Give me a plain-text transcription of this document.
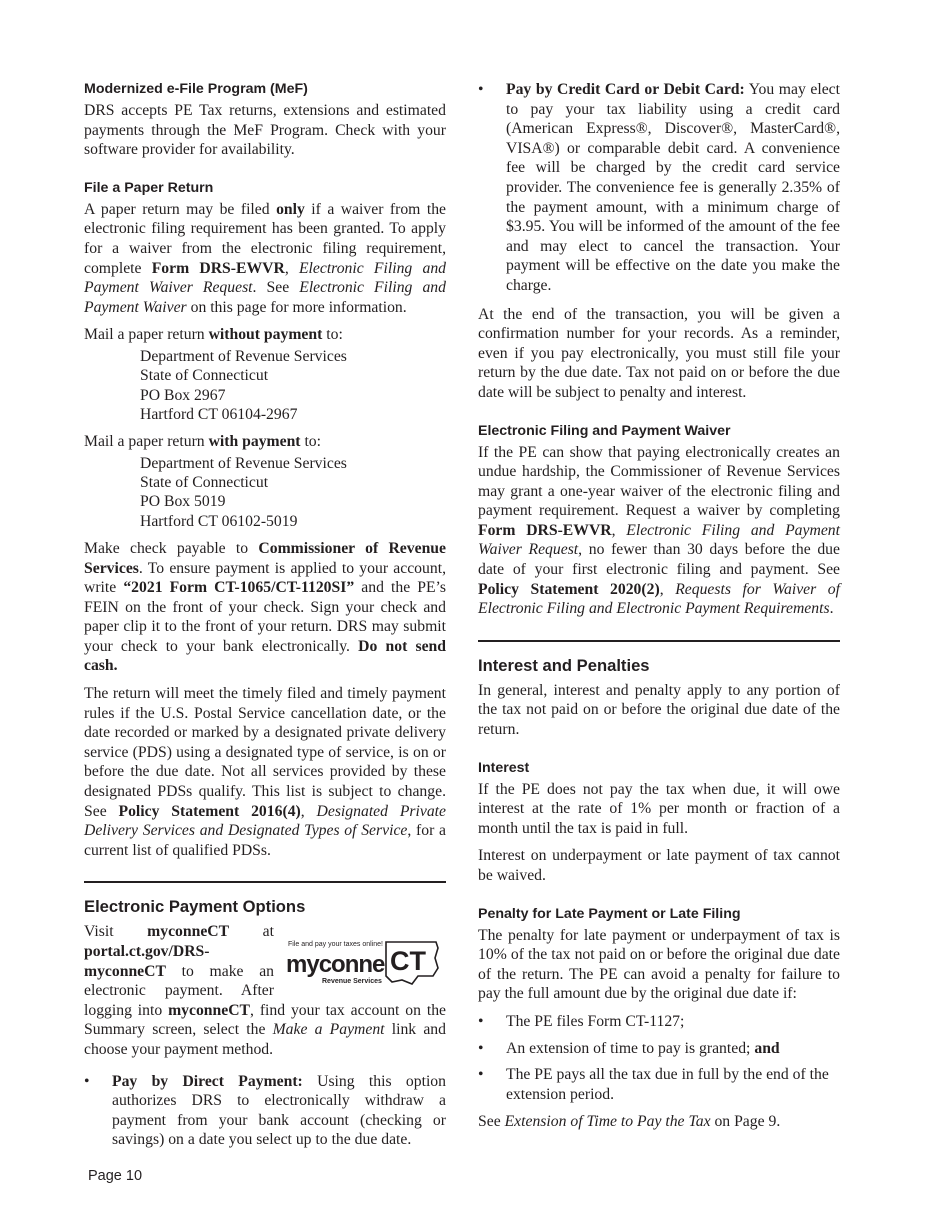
Modernized e-File Program (MeF)

DRS accepts PE Tax returns, extensions and estimated payments through the MeF Program. Check with your software provider for availability.

File a Paper Return

A paper return may be filed only if a waiver from the electronic filing requirement has been granted. To apply for a waiver from the electronic filing requirement, complete Form DRS-EWVR, Electronic Filing and Payment Waiver Request. See Electronic Filing and Payment Waiver on this page for more information.

Mail a paper return without payment to:

Department of Revenue Services
State of Connecticut
PO Box 2967
Hartford CT 06104-2967

Mail a paper return with payment to:

Department of Revenue Services
State of Connecticut
PO Box 5019
Hartford CT 06102-5019

Make check payable to Commissioner of Revenue Services. To ensure payment is applied to your account, write “2021 Form CT-1065/CT-1120SI” and the PE’s FEIN on the front of your check. Sign your check and paper clip it to the front of your return. DRS may submit your check to your bank electronically. Do not send cash.

The return will meet the timely filed and timely payment rules if the U.S. Postal Service cancellation date, or the date recorded or marked by a designated private delivery service (PDS) using a designated type of service, is on or before the due date. Not all services provided by these designated PDSs qualify. This list is subject to change. See Policy Statement 2016(4), Designated Private Delivery Services and Designated Types of Service, for a current list of qualified PDSs.

Electronic Payment Options

File and pay your taxes online!
myconne CT
Revenue Services
Visit myconneCT at portal.ct.gov/DRS-myconneCT to make an electronic payment. After logging into myconneCT, find your tax account on the Summary screen, select the Make a Payment link and choose your payment method.

• Pay by Direct Payment: Using this option authorizes DRS to electronically withdraw a payment from your bank account (checking or savings) on a date you select up to the due date.
• Pay by Credit Card or Debit Card: You may elect to pay your tax liability using a credit card (American Express®, Discover®, MasterCard®, VISA®) or comparable debit card. A convenience fee will be charged by the credit card service provider. The convenience fee is generally 2.35% of the payment amount, with a minimum charge of $3.95. You will be informed of the amount of the fee and may elect to cancel the transaction. Your payment will be effective on the date you make the charge.

At the end of the transaction, you will be given a confirmation number for your records. As a reminder, even if you pay electronically, you must still file your return by the due date. Tax not paid on or before the due date will be subject to penalty and interest.

Electronic Filing and Payment Waiver

If the PE can show that paying electronically creates an undue hardship, the Commissioner of Revenue Services may grant a one-year waiver of the electronic filing and payment requirement. Request a waiver by completing Form DRS-EWVR, Electronic Filing and Payment Waiver Request, no fewer than 30 days before the due date of your first electronic filing and payment. See Policy Statement 2020(2), Requests for Waiver of Electronic Filing and Electronic Payment Requirements.

Interest and Penalties

In general, interest and penalty apply to any portion of the tax not paid on or before the original due date of the return.

Interest

If the PE does not pay the tax when due, it will owe interest at the rate of 1% per month or fraction of a month until the tax is paid in full.

Interest on underpayment or late payment of tax cannot be waived.

Penalty for Late Payment or Late Filing

The penalty for late payment or underpayment of tax is 10% of the tax not paid on or before the original due date of the return. The PE can avoid a penalty for failure to pay the full amount due by the original due date if:

• The PE files Form CT-1127;
• An extension of time to pay is granted; and
• The PE pays all the tax due in full by the end of the extension period.

See Extension of Time to Pay the Tax on Page 9.

Page 10
